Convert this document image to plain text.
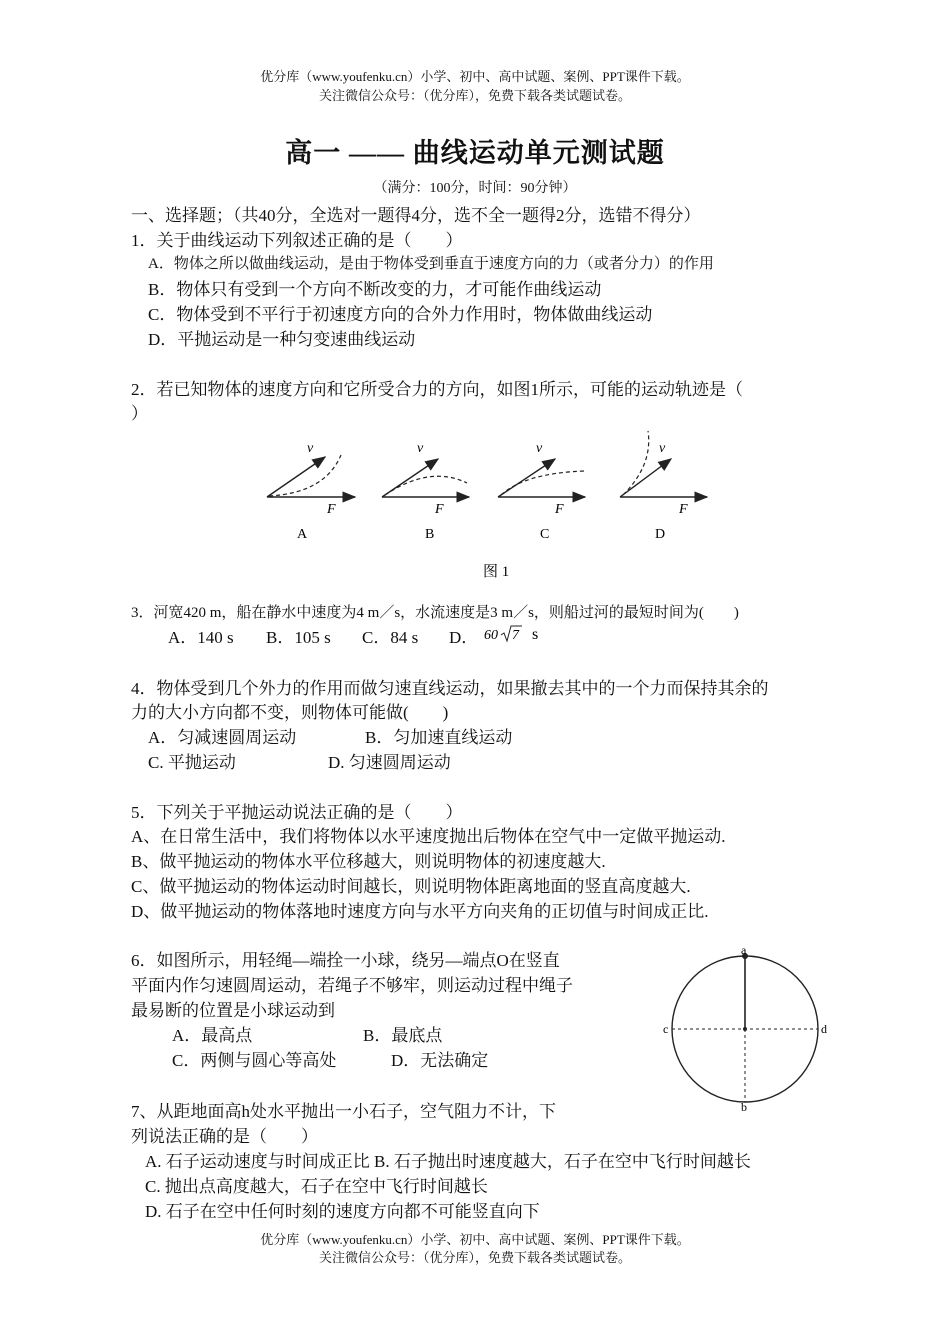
优分库（www.youfenku.cn）小学、初中、高中试题、案例、PPT课件下载。
关注微信公众号：（优分库），免费下载各类试题试卷。
高一 —— 曲线运动单元测试题
（满分：100分，时间：90分钟）
一、选择题；（共40分，全选对一题得4分，选不全一题得2分，选错不得分）
1．关于曲线运动下列叙述正确的是（　　）
A．物体之所以做曲线运动，是由于物体受到垂直于速度方向的力（或者分力）的作用
B．物体只有受到一个方向不断改变的力，才可能作曲线运动
C．物体受到不平行于初速度方向的合外力作用时，物体做曲线运动
D．平抛运动是一种匀变速曲线运动
2．若已知物体的速度方向和它所受合力的方向，如图1所示，可能的运动轨迹是（
）
v
F
A
v
F
B
v
F
C
v
F
D
图 1
3．河宽420 m，船在静水中速度为4 m／s，水流速度是3 m／s，则船过河的最短时间为(　　)
A．140 s B．105 s C．84 s D． 60 7 s
4．物体受到几个外力的作用而做匀速直线运动，如果撤去其中的一个力而保持其余的
力的大小方向都不变，则物体可能做(　　)
A．匀减速圆周运动	B．匀加速直线运动
C. 平抛运动	D. 匀速圆周运动
5．下列关于平抛运动说法正确的是（　　）
A、在日常生活中，我们将物体以水平速度抛出后物体在空气中一定做平抛运动.
B、做平抛运动的物体水平位移越大，则说明物体的初速度越大.
C、做平抛运动的物体运动时间越长，则说明物体距离地面的竖直高度越大.
D、做平抛运动的物体落地时速度方向与水平方向夹角的正切值与时间成正比.
6．如图所示，用轻绳—端拴一小球，绕另—端点O在竖直
平面内作匀速圆周运动，若绳子不够牢，则运动过程中绳子
最易断的位置是小球运动到
A．最高点	B．最底点
C．两侧与圆心等高处	D．无法确定
a
b
c	d
7、从距地面高h处水平抛出一小石子，空气阻力不计，下
列说法正确的是（　　）
A. 石子运动速度与时间成正比 B. 石子抛出时速度越大，石子在空中飞行时间越长
C. 抛出点高度越大，石子在空中飞行时间越长
D. 石子在空中任何时刻的速度方向都不可能竖直向下
优分库（www.youfenku.cn）小学、初中、高中试题、案例、PPT课件下载。
关注微信公众号：（优分库），免费下载各类试题试卷。
